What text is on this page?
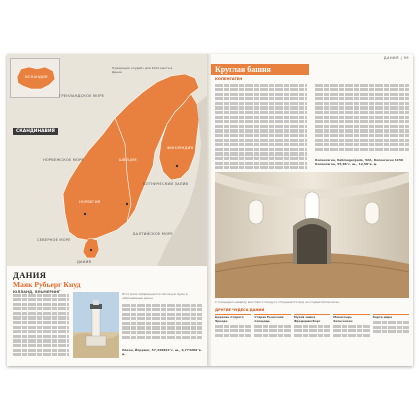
ИСЛАНДИЯ
Нумерация «Судеб» для 1001 места в Дании
СКАНДИНАВИЯ
ГРЕНЛАНДСКОЕ МОРЕ
НОРВЕЖСКОЕ МОРЕ	ШВЕЦИЯ
НОРВЕГИЯ
ФИНЛЯНДИЯ
ДАНИЯ
СЕВЕРНОЕ МОРЕ
БАЛТИЙСКОЕ МОРЕ
БОТНИЧЕСКИЙ ЗАЛИВ
ДАНИЯ
Маяк Рубьерг Кнуд
ЮЛЛАНД, ЯЛЬМЕРИНГ	Этот маяк превращается песчаную бурю в заброшенные дюны.
Лёкен, Йорринг, 57,449822°с. ш., 9,774289°в. д.
ДАНИЯ | 99
Круглая башня
КОПЕНГАГЕН
Копенгаген, Købmagergade, 52A, Копенгаген 1150 Копенгаген, 55,68°с. ш., 12,58°в. д.
С площадки наверху винтового пандуса открывается вид на старый Копенгаген
ДРУГИЕ ЧУДЕСА ДАНИИ
Церковь Старого Эрнеде
Старая Рыночная площадь
Музей замка Фредериксборг
Монастырь Хельгеосен
Карта мира
